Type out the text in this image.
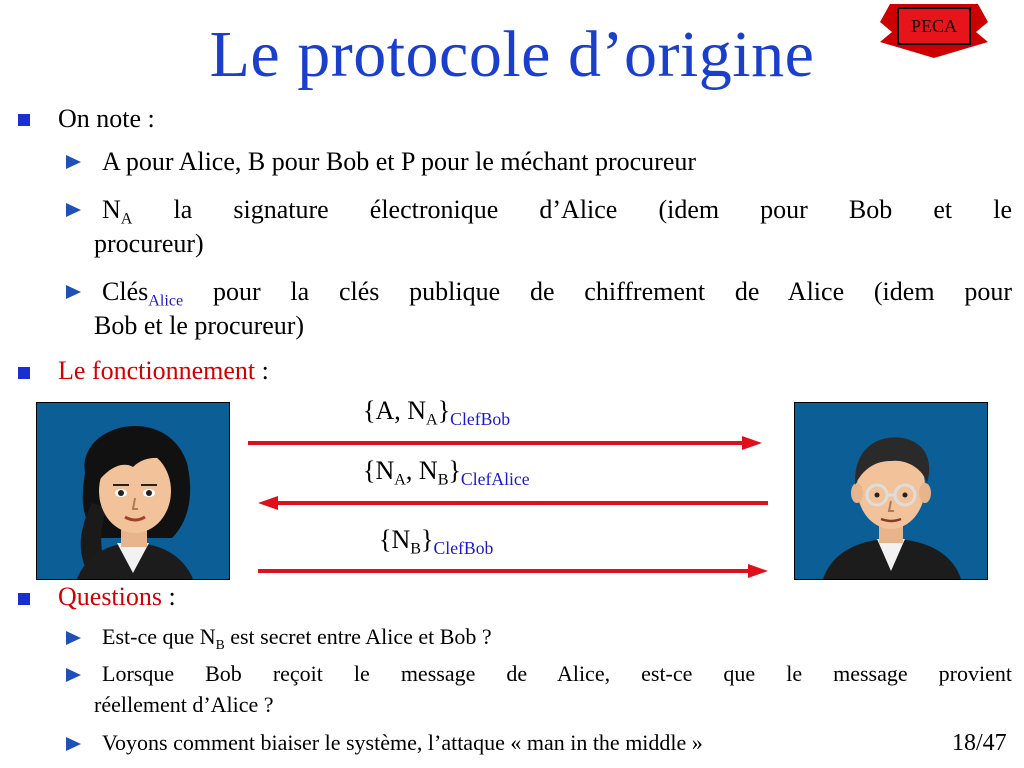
Le protocole d’origine	PECA
On note :
A pour Alice, B pour Bob et P pour le méchant procureur
$N_A$ la signature électronique d’Alice (idem pour Bob et le
procureur)
Clés$_{Alice}$ pour la clés publique de chiffrement de Alice (idem pour
Bob et le procureur)
Le fonctionnement :
{A, $N_A\}_{ClefBob}$
{$N_A$, $N_B\}_{ClefAlice}$
$\{N_B\}_{ClefBob}$
Questions :
Est-ce que $N_B$ est secret entre Alice et Bob ?
Lorsque Bob reçoit le message de Alice, est-ce que le message provient
réellement d’Alice ?
Voyons comment biaiser le système, l’attaque « man in the middle »	18/47
